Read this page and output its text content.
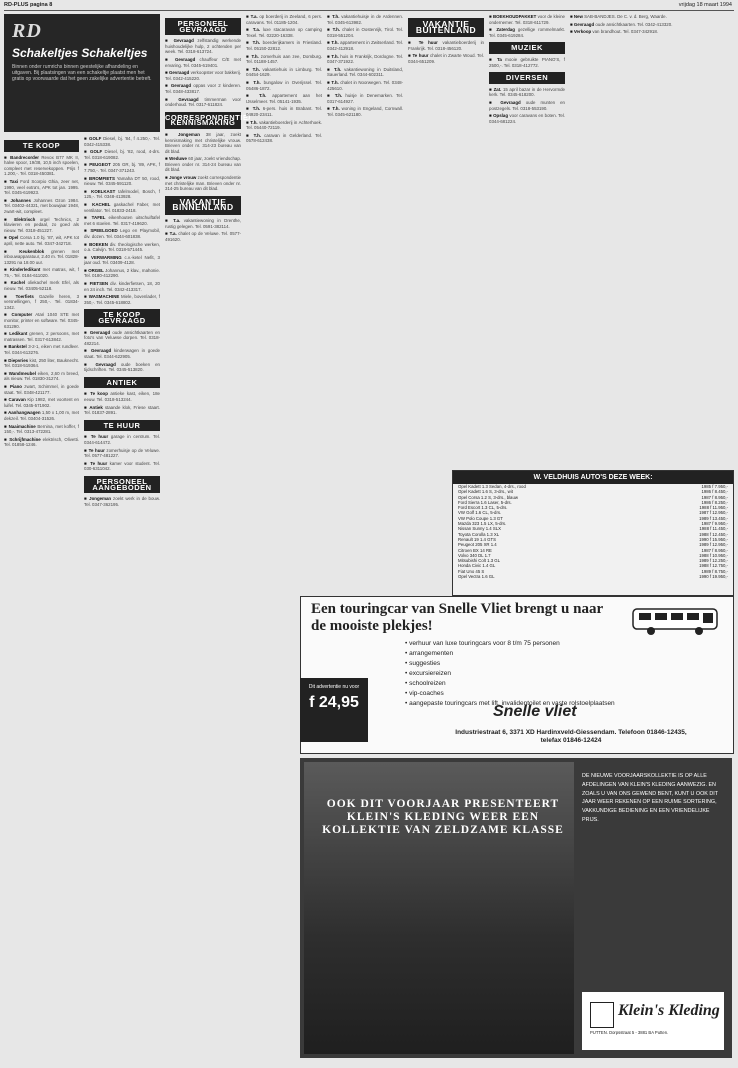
RD-PLUS pagina 8	vrijdag 18 maart 1994
RD
Schakeltjes Schakeltjes
Binnen onder rumrichs binnen geestelijke afhandeling en uitgaven. Bij plaatsingen van een schakeltje plaatst men het gratis op voorwaarde dat het geen zakelijke advertentie betreft.
TE KOOP

■ Bandrecorder Revox B77 MK II, halve spoor, 19/38, 10,5 inch spoelen, compleet met reservekoppen. Prijs f 1.200,-. Tel. 0318-450381.

■ Taxi Ford Scorpio Ghia, zeer net, 1990, veel extra's, APK tot jan. 1995. Tel. 0345-619923.

■ Johannes Johannes Ozon 1984. Tel. 03402-44321, met bouwjaar 1948, zwart-wit, compleet.

■ Elektrisch orgel Technics, 2 klavieren en pedaal, zo goed als nieuw. Tel. 0318-451227.

■ Opel Corsa 1.0 bj. '87, wit, APK tot april, nette auto. Tel. 0347-342718.

■ Keukenblok grenen met inbouwapparatuur, 2.40 m. Tel. 01828-13291 na 18.00 uur.

■ Kinderledikant met matras, wit, f 75,-. Tel. 0184-611020.

■ Kachel oliekachel merk Efel, als nieuw. Tel. 03405-52118.

■ Toerfiets Gazelle heren, 3 versnellingen, f 250,-. Tel. 01834-1342.

■ Computer Atari 1040 STE met monitor, printer en software. Tel. 0345-631290.

■ Ledikant grenen, 2 persoons, met matrassen. Tel. 0317-613842.

■ Bankstel 3-2-1, eiken met rundleer. Tel. 0344-613276.

■ Diepvries kist, 250 liter, Bauknecht. Tel. 0318-519364.

■ Wandmeubel eiken, 2,60 m breed, als nieuw. Tel. 01830-31274.

■ Piano zwart, Schimmel, in goede staat. Tel. 0348-421177.

■ Caravan Kip 1982, met voortent en luifel. Tel. 0345-571902.

■ Aanhangwagen 1,50 x 1,00 m, met dekzeil. Tel. 03404-31526.

■ Naaimachine Bernina, met koffer, f 150,-. Tel. 0313-472281.

■ Schrijfmachine elektrisch, Olivetti. Tel. 01858-1246.

■ GOLF Diesel, bj. '84, f 4.250,-. Tel. 0342-415338.

■ GOLF Diesel, bj. '82, rood, 4-drs. Tel. 0318-619082.

■ PEUGEOT 205 GR, bj. '89, APK, f 7.750,-. Tel. 0347-371243.

■ BROMFIETS Yamaha DT 50, rood, nieuw. Tel. 0345-591120.

■ KOELKAST tafelmodel, Bosch, f 125,-. Tel. 0348-413928.

■ KACHEL gaskachel Faber, met ventilator. Tel. 01833-2418.

■ TAFEL eikenhouten uitschuiftafel met 6 stoelen. Tel. 0317-419620.

■ SPEELGOED Lego en Playmobil, div. dozen. Tel. 0344-601838.

■ BOEKEN div. theologische werken, o.a. Calvijn. Tel. 0318-571445.

■ VERWARMING c.v.-ketel Nefit, 3 jaar oud. Tel. 03409-4128.

■ ORGEL Johannus, 2 klav., mahonie. Tel. 0180-412290.

■ FIETSEN div. kinderfietsen, 18, 20 en 24 inch. Tel. 0342-413317.

■ WASMACHINE Miele, bovenlader, f 350,-. Tel. 0345-618802.

TE KOOP GEVRAAGD

■ Gevraagd oude ansichtkaarten en foto's van Veluwse dorpen. Tel. 0318-482214.

■ Gevraagd kinderwagen in goede staat. Tel. 0344-622905.

■ Gevraagd oude boeken en tijdschriften. Tel. 0345-513820.

ANTIEK

■ Te koop antieke kast, eiken, 18e eeuw. Tel. 0318-513244.

■ Antiek staande klok, Friese staart. Tel. 01837-2891.

TE HUUR

■ Te huur garage in centrum. Tel. 0344-614472.

■ Te huur zomerhuisje op de Veluwe. Tel. 0577-481227.

■ Te huur kamer voor student. Tel. 030-6311042.

PERSONEEL AANGEBODEN

■ Jongeman zoekt werk in de bouw. Tel. 0347-362195.

PERSONEEL GEVRAAGD

■ Gevraagd zelfstandig werkende huishoudelijke hulp, 2 ochtenden per week. Tel. 0318-613724.

■ Gevraagd chauffeur C/E met ervaring. Tel. 0345-619401.

■ Gevraagd verkoopster voor bakkerij. Tel. 0342-415220.

■ Gevraagd oppas voor 2 kinderen. Tel. 0348-433817.

■ Gevraagd timmerman voor onderhoud. Tel. 0317-611824.

CORRESPONDENTIE/ KENNISMAKING

■ Jongeman 38 jaar, zoekt kennismaking met christelijke vrouw. Brieven onder nr. 314-23 bureau van dit blad.

■ Weduwe 60 jaar, zoekt vriendschap. Brieven onder nr. 314-24 bureau van dit blad.

■ Jonge vrouw zoekt correspondentie met christelijke man. Brieven onder nr. 314-25 bureau van dit blad.

VAKANTIE BINNENLAND

■ T.a. vakantiewoning in Drenthe, rustig gelegen. Tel. 0591-382114.

■ T.a. chalet op de Veluwe. Tel. 0577-491620.

■ T.a. op boerderij in Zeeland, 6 pers. caravans. Tel. 01185-1204.

■ T.a. luxe stacaravan op camping Texel. Tel. 02220-16338.

■ T.h. boerderijkamers in Friesland. Tel. 05150-22812.

■ T.h. zomerhuis aan zee, Domburg. Tel. 01188-1457.

■ T.h. vakantiehuis in Limburg. Tel. 04454-1629.

■ T.h. bungalow in Overijssel. Tel. 05486-1872.

■ T.h. appartement aan het IJsselmeer. Tel. 05141-1935.

■ T.h. 6-pers. huis in Brabant. Tel. 04920-23411.

■ T.h. vakantieboerderij in Achterhoek. Tel. 05440-72119.

■ T.h. caravan in Gelderland. Tel. 0578-612438.

■ T.h. vakantiehuisje in de Ardennen. Tel. 0345-613982.

■ T.h. chalet in Oostenrijk, Tirol. Tel. 0318-551204.

■ T.h. appartement in Zwitserland. Tel. 0342-412918.

■ T.h. huis in Frankrijk, Dordogne. Tel. 0347-371922.

■ T.h. vakantiewoning in Duitsland, Sauerland. Tel. 0344-602311.

■ T.h. chalet in Noorwegen. Tel. 0348-425610.

■ T.h. huisje in Denemarken. Tel. 0317-614927.

■ T.h. woning in Engeland, Cornwall. Tel. 0345-621180.

VAKANTIE BUITENLAND

■ Te huur vakantieboerderij in Frankrijk. Tel. 0318-456120.

■ Te huur chalet in Zwarte Woud. Tel. 0344-651209.

■ BOEKHOUDPAKKET voor de kleine ondernemer. Tel. 0318-611729.

■ Zaterdag gezellige rommelmarkt. Tel. 0345-619284.

MUZIEK

■ Ta mooie gebruikte PIANO'S, f 2500,-. Tel. 0318-412772.

DIVERSEN

■ Zat. 15 april bazar in de Hervormde kerk. Tel. 0345-618200.

■ Gevraagd oude munten en postzegels. Tel. 0318-553190.

■ Opslag voor caravans en boten. Tel. 0344-681224.

■ New SAB-BANDJES. De C. v. d. Berg, Waarde.

■ Gevraagd oude ansichtkaarten. Tel. 0342-413320.

■ Verkoop van brandhout. Tel. 0347-342918.

W. VELDHUIS AUTO'S DEZE WEEK:
Opel Kadett 1.3 Sedan, 4-drs., rood	1985 f 7.950,-
Opel Kadett 1.6 S, 3-drs., wit	1986 f 8.450,-
Opel Corsa 1.2 S, 3-drs., blauw	1987 f 8.950,-
Ford Sierra 1.6 Laser, 5-drs.	1986 f 8.250,-
Ford Escort 1.3 CL, 5-drs.	1988 f 11.950,-
VW Golf 1.6 CL, 5-drs.	1987 f 12.950,-
VW Polo Coupe 1.3 GT	1989 f 13.450,-
Mazda 323 1.5 LX, 5-drs.	1987 f 9.950,-
Nissan Sunny 1.4 SLX	1988 f 11.450,-
Toyota Corolla 1.3 XL	1988 f 12.450,-
Renault 19 1.4 GTS	1990 f 15.950,-
Peugeot 205 XR 1.4	1989 f 12.950,-
Citroen BX 14 RE	1987 f 8.950,-
Volvo 340 DL 1.7	1988 f 10.950,-
Mitsubishi Colt 1.3 GL	1989 f 12.250,-
Honda Civic 1.4 GL	1988 f 12.750,-
Fiat Uno 45 S	1989 f 8.750,-
Opel Vectra 1.6 GL	1990 f 19.950,-
Een touringcar van Snelle Vliet brengt u naar de mooiste plekjes!
• verhuur van luxe touringcars voor 8 t/m 75 personen
• arrangementen
• suggesties
• excursiereizen
• schoolreizen
• vip-coaches
• aangepaste touringcars met lift, invalidentoilet en vaste rolstoelplaatsen
Snelle vliet
Industriestraat 6, 3371 XD Hardinxveld-Giessendam. Telefoon 01846-12435, telefax 01846-12424
Dit advertentie nu voor
f 24,95
OOK DIT VOORJAAR PRESENTEERT KLEIN'S KLEDING WEER EEN KOLLEKTIE VAN ZELDZAME KLASSE
DE NIEUWE VOORJAARSKOLLEKTIE IS OP ALLE AFDELINGEN VAN KLEIN'S KLEDING AANWEZIG. EN ZOALS U VAN ONS GEWEND BENT, KUNT U OOK DIT JAAR WEER REKENEN OP EEN RUIME SORTERING, VAKKUNDIGE BEDIENING EN EEN VRIENDELIJKE PRIJS.
Klein's Kleding
PUTTEN. Dorpsstraat 5 - 3881 BA Putten.
